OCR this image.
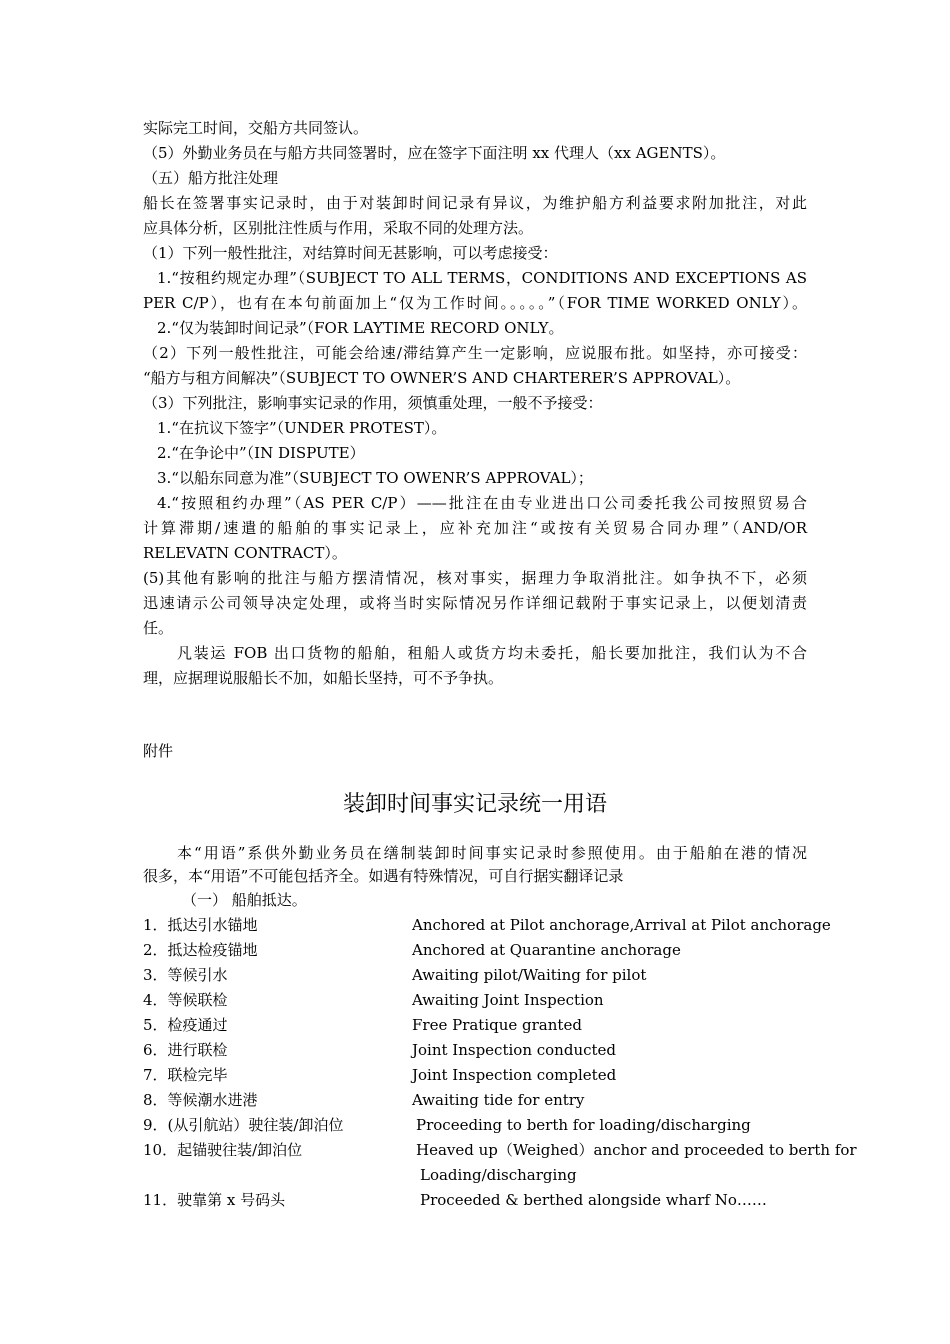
实际完工时间，交船方共同签认。
（5）外勤业务员在与船方共同签署时，应在签字下面注明 xx 代理人（xx AGENTS）。
（五）船方批注处理
船长在签署事实记录时，由于对装卸时间记录有异议，为维护船方利益要求附加批注，对此
应具体分析，区别批注性质与作用，采取不同的处理方法。
（1）下列一般性批注，对结算时间无甚影响，可以考虑接受：
1.“按租约规定办理”（SUBJECT TO ALL TERMS，CONDITIONS AND EXCEPTIONS AS
PER C/P），也有在本句前面加上“仅为工作时间。。。。。”（FOR TIME WORKED ONLY）。
2.“仅为装卸时间记录”（FOR LAYTIME RECORD ONLY。
（2）下列一般性批注，可能会给速/滞结算产生一定影响，应说服布批。如坚持，亦可接受：
“船方与租方间解决”（SUBJECT TO OWNER’S AND CHARTERER’S APPROVAL）。
（3）下列批注，影响事实记录的作用，须慎重处理，一般不予接受：
1.“在抗议下签字”（UNDER PROTEST）。
2.“在争论中”（IN DISPUTE）
3.“以船东同意为准”（SUBJECT TO OWENR’S APPROVAL）；
4.“按照租约办理”（AS PER C/P）——批注在由专业进出口公司委托我公司按照贸易合
计算滞期/速遣的船舶的事实记录上，应补充加注“或按有关贸易合同办理”（AND/OR
RELEVATN CONTRACT）。
(5)其他有影响的批注与船方摆清情况，核对事实，据理力争取消批注。如争执不下，必须
迅速请示公司领导决定处理，或将当时实际情况另作详细记载附于事实记录上，以便划清责
任。
凡装运 FOB 出口货物的船舶，租船人或货方均未委托，船长要加批注，我们认为不合
理，应据理说服船长不加，如船长坚持，可不予争执。
附件
装卸时间事实记录统一用语
本“用语”系供外勤业务员在缮制装卸时间事实记录时参照使用。由于船舶在港的情况
很多，本“用语”不可能包括齐全。如遇有特殊情况，可自行据实翻译记录
（一） 船舶抵达。
1．抵达引水锚地	Anchored at Pilot anchorage,Arrival at Pilot anchorage
2．抵达检疫锚地	Anchored at Quarantine anchorage
3．等候引水	Awaiting pilot/Waiting for pilot
4．等候联检	Awaiting Joint Inspection
5．检疫通过	Free Pratique granted
6．进行联检	Joint Inspection conducted
7．联检完毕	Joint Inspection completed
8．等候潮水进港	Awaiting tide for entry
9．(从引航站）驶往装/卸泊位	Proceeding to berth for loading/discharging
10．起锚驶往装/卸泊位	Heaved up（Weighed）anchor and proceeded to berth for
Loading/discharging
11．驶靠第 x 号码头	Proceeded & berthed alongside wharf No……
